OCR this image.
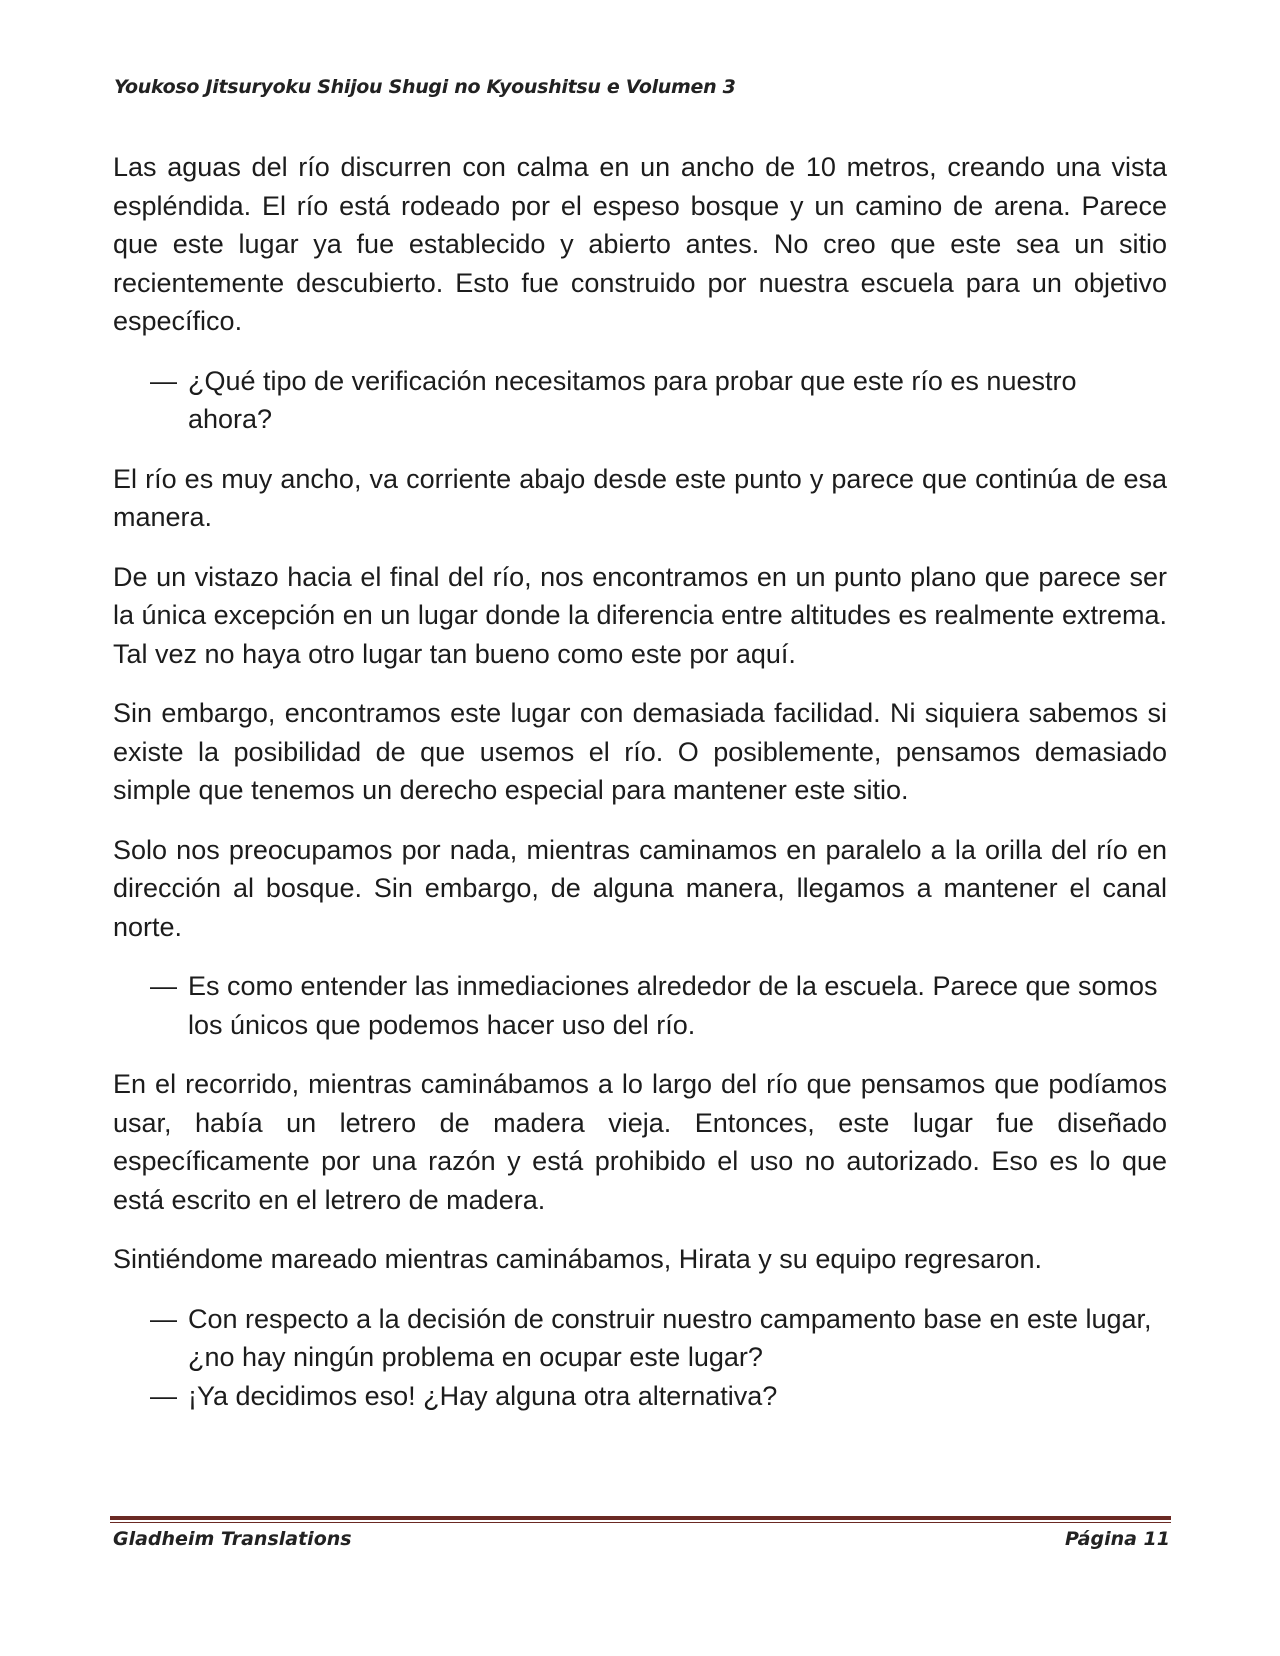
Youkoso Jitsuryoku Shijou Shugi no Kyoushitsu e Volumen 3

Las aguas del río discurren con calma en un ancho de 10 metros, creando una vista espléndida. El río está rodeado por el espeso bosque y un camino de arena. Parece que este lugar ya fue establecido y abierto antes. No creo que este sea un sitio recientemente descubierto. Esto fue construido por nuestra escuela para un objetivo específico.

— ¿Qué tipo de verificación necesitamos para probar que este río es nuestro ahora?

El río es muy ancho, va corriente abajo desde este punto y parece que continúa de esa manera.

De un vistazo hacia el final del río, nos encontramos en un punto plano que parece ser la única excepción en un lugar donde la diferencia entre altitudes es realmente extrema. Tal vez no haya otro lugar tan bueno como este por aquí.

Sin embargo, encontramos este lugar con demasiada facilidad. Ni siquiera sabemos si existe la posibilidad de que usemos el río. O posiblemente, pensamos demasiado simple que tenemos un derecho especial para mantener este sitio.

Solo nos preocupamos por nada, mientras caminamos en paralelo a la orilla del río en dirección al bosque. Sin embargo, de alguna manera, llegamos a mantener el canal norte.

— Es como entender las inmediaciones alrededor de la escuela. Parece que somos los únicos que podemos hacer uso del río.

En el recorrido, mientras caminábamos a lo largo del río que pensamos que podíamos usar, había un letrero de madera vieja. Entonces, este lugar fue diseñado específicamente por una razón y está prohibido el uso no autorizado. Eso es lo que está escrito en el letrero de madera.

Sintiéndome mareado mientras caminábamos, Hirata y su equipo regresaron.

— Con respecto a la decisión de construir nuestro campamento base en este lugar, ¿no hay ningún problema en ocupar este lugar?
— ¡Ya decidimos eso! ¿Hay alguna otra alternativa?
Gladheim Translations	Página 11
